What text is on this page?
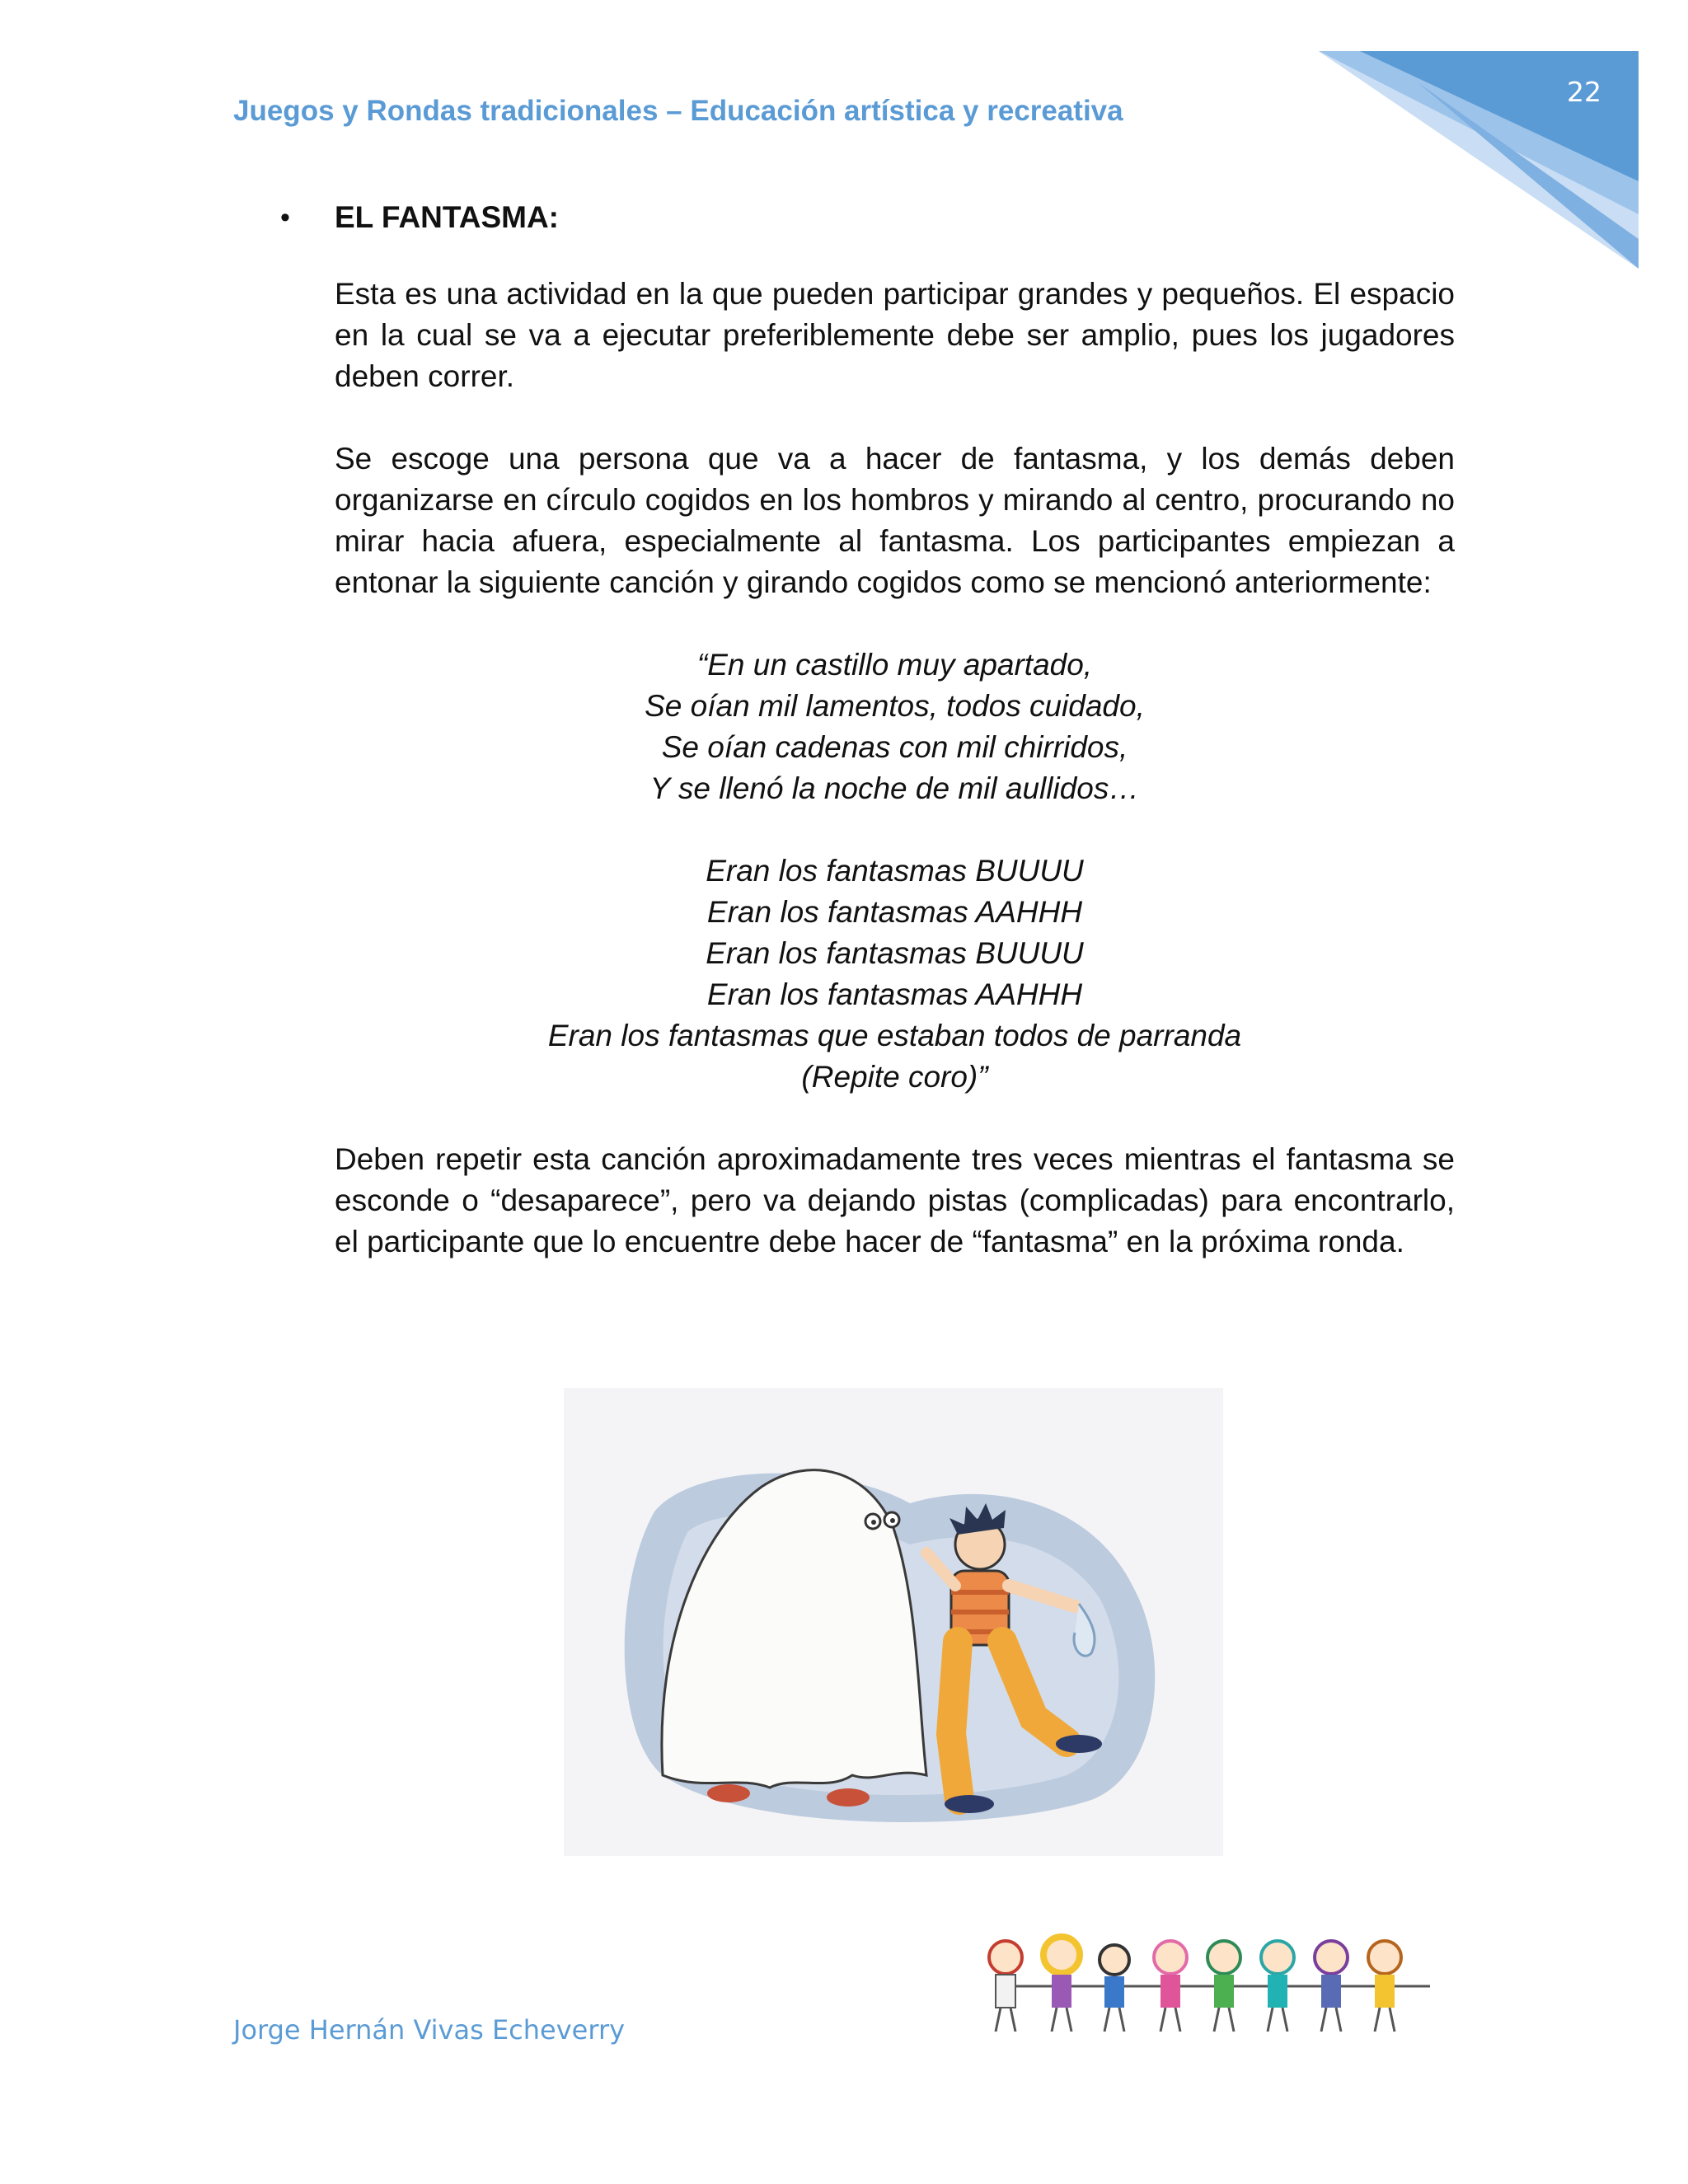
Juegos y Rondas tradicionales – Educación artística y recreativa
22
•	EL FANTASMA:

Esta es una actividad en la que pueden participar grandes y pequeños. El espacio en la cual se va a ejecutar preferiblemente debe ser amplio, pues los jugadores deben correr.

Se escoge una persona que va a hacer de fantasma, y los demás deben organizarse en círculo cogidos en los hombros y mirando al centro, procurando no mirar hacia afuera, especialmente al fantasma. Los participantes empiezan a entonar la siguiente canción y girando cogidos como se mencionó anteriormente:

“En un castillo muy apartado,
Se oían mil lamentos, todos cuidado,
Se oían cadenas con mil chirridos,
Y se llenó la noche de mil aullidos…
Eran los fantasmas BUUUU
Eran los fantasmas AAHHH
Eran los fantasmas BUUUU
Eran los fantasmas AAHHH
Eran los fantasmas que estaban todos de parranda
(Repite coro)”

Deben repetir esta canción aproximadamente tres veces mientras el fantasma se esconde o “desaparece”, pero va dejando pistas (complicadas) para encontrarlo, el participante que lo encuentre debe hacer de “fantasma” en la próxima ronda.

Jorge Hernán Vivas Echeverry
